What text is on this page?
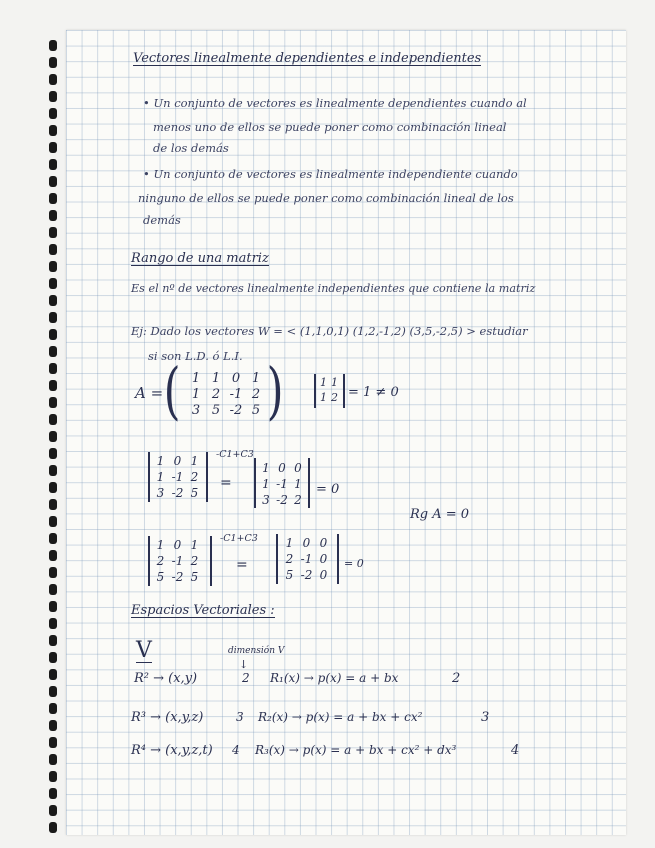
Vectores linealmente dependientes e independientes
• Un conjunto de vectores es linealmente dependientes cuando al
menos uno de ellos se puede poner como combinación lineal
de los demás
• Un conjunto de vectores es linealmente independiente cuando
ninguno de ellos se puede poner como combinación lineal de los
demás
Rango de una matriz
Es el nº de vectores linealmente independientes que contiene la matriz
Ej: Dado los vectores W = < (1,1,0,1) (1,2,-1,2) (3,5,-2,5) > estudiar
si son L.D. ó L.I.
A = ( 1 1 0 1
1 2 -1 2
3 5 -2 5 )	1 1
1 2 = 1 ≠ 0
1 0 1
1 -1 2
3 -2 5
-C1+C3
=
1 0 0
1 -1 1
3 -2 2
= 0
Rg A = 0
1 0 1
2 -1 2
5 -2 5
-C1+C3
=
1 0 0
2 -1 0
5 -2 0
= 0
Espacios Vectoriales :
V	dimensión V
↓
R² → (x,y)	2 R₁(x) → p(x) = a + bx	2
R³ → (x,y,z)	3 R₂(x) → p(x) = a + bx + cx²	3
R⁴ → (x,y,z,t) 4 R₃(x) → p(x) = a + bx + cx² + dx³	4
